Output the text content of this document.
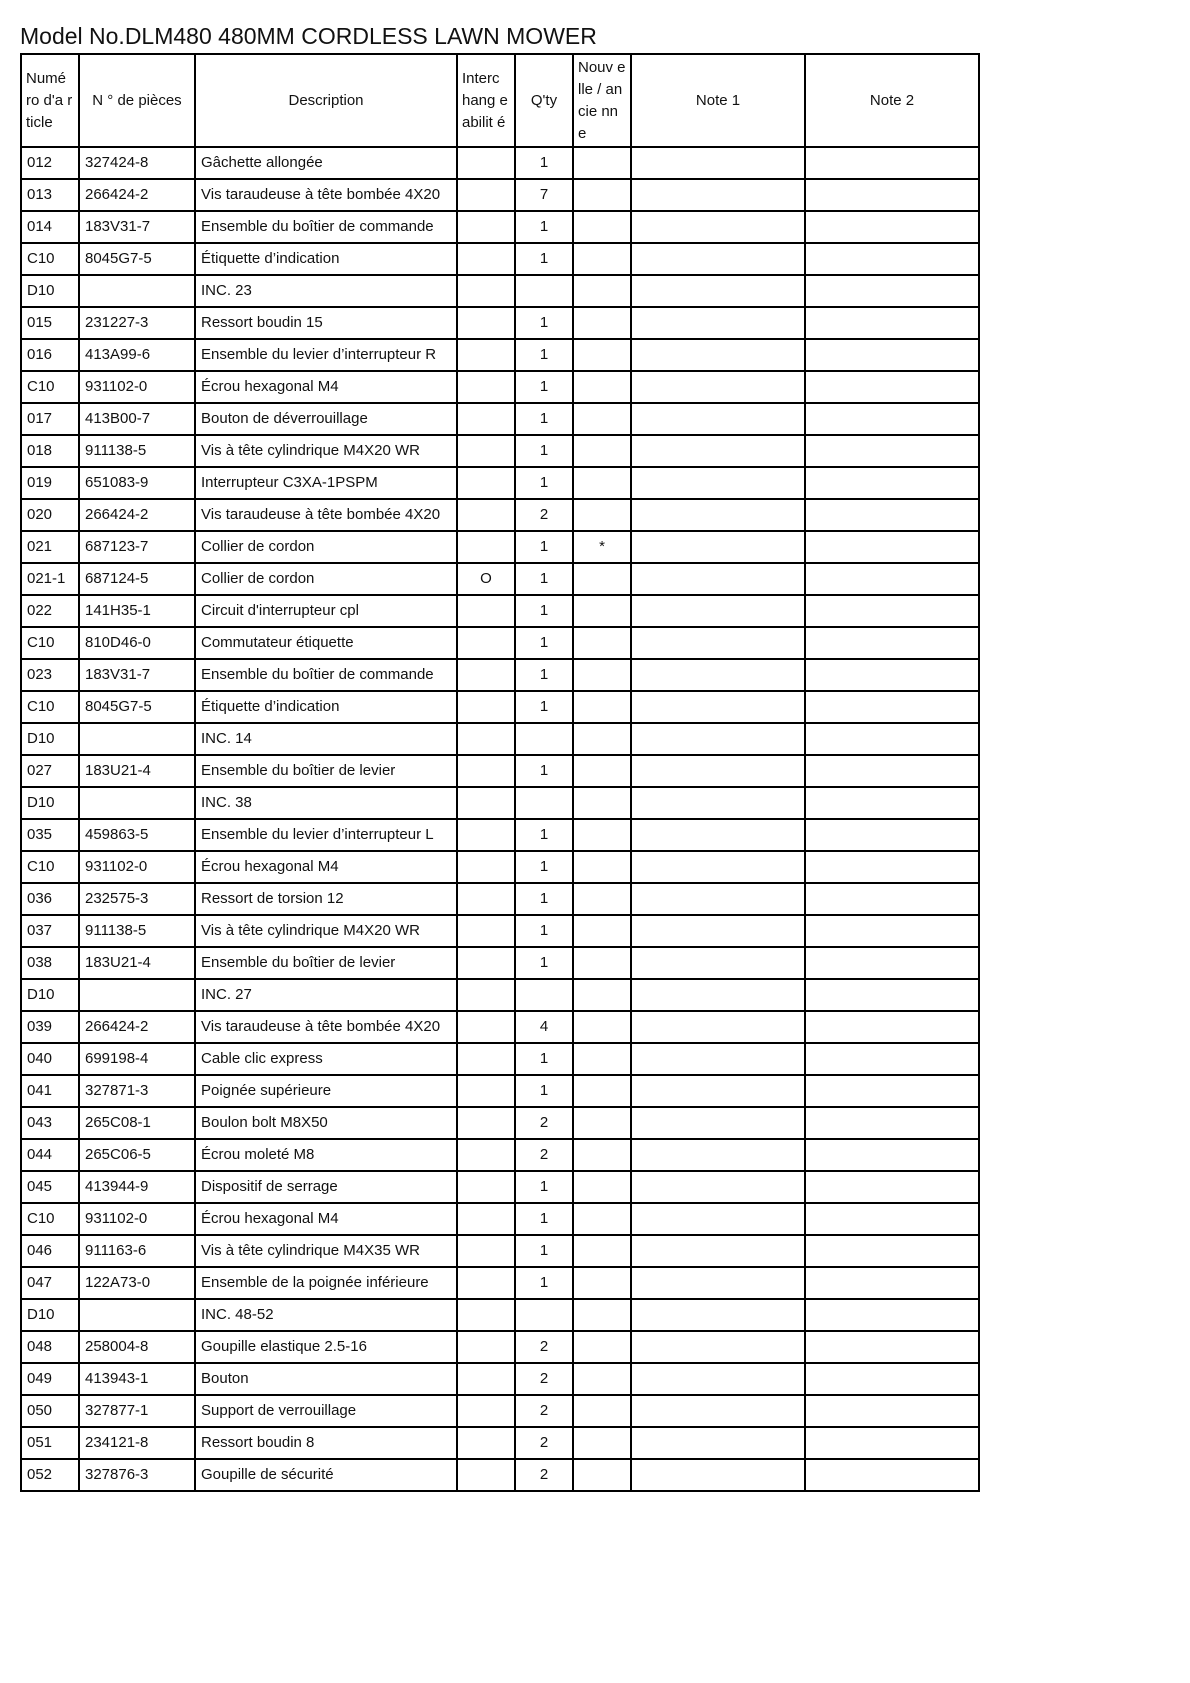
Model No.DLM480 480MM CORDLESS LAWN MOWER
Numé ro d'a rticle	N ° de pièces	Description	Interc hang eabilit é	Q'ty	Nouv elle / ancie nne	Note 1	Note 2
012	327424-8	Gâchette allongée		1			
013	266424-2	Vis taraudeuse à tête bombée 4X20		7			
014	183V31-7	Ensemble du boîtier de commande		1			
C10	8045G7-5	Étiquette d’indication		1			
D10		INC. 23					
015	231227-3	Ressort boudin 15		1			
016	413A99-6	Ensemble du levier d’interrupteur R		1			
C10	931102-0	Écrou hexagonal M4		1			
017	413B00-7	Bouton de déverrouillage		1			
018	911138-5	Vis à tête cylindrique M4X20 WR		1			
019	651083-9	Interrupteur C3XA-1PSPM		1			
020	266424-2	Vis taraudeuse à tête bombée 4X20		2			
021	687123-7	Collier de cordon		1	*		
021-1	687124-5	Collier de cordon	O	1			
022	141H35-1	Circuit d'interrupteur cpl		1			
C10	810D46-0	Commutateur étiquette		1			
023	183V31-7	Ensemble du boîtier de commande		1			
C10	8045G7-5	Étiquette d’indication		1			
D10		INC. 14					
027	183U21-4	Ensemble du boîtier de levier		1			
D10		INC. 38					
035	459863-5	Ensemble du levier d’interrupteur L		1			
C10	931102-0	Écrou hexagonal M4		1			
036	232575-3	Ressort de torsion 12		1			
037	911138-5	Vis à tête cylindrique M4X20 WR		1			
038	183U21-4	Ensemble du boîtier de levier		1			
D10		INC. 27					
039	266424-2	Vis taraudeuse à tête bombée 4X20		4			
040	699198-4	Cable clic express		1			
041	327871-3	Poignée supérieure		1			
043	265C08-1	Boulon bolt M8X50		2			
044	265C06-5	Écrou moleté M8		2			
045	413944-9	Dispositif de serrage		1			
C10	931102-0	Écrou hexagonal M4		1			
046	911163-6	Vis à tête cylindrique M4X35 WR		1			
047	122A73-0	Ensemble de la poignée inférieure		1			
D10		INC. 48-52					
048	258004-8	Goupille elastique 2.5-16		2			
049	413943-1	Bouton		2			
050	327877-1	Support de verrouillage		2			
051	234121-8	Ressort boudin 8		2			
052	327876-3	Goupille de sécurité		2			
